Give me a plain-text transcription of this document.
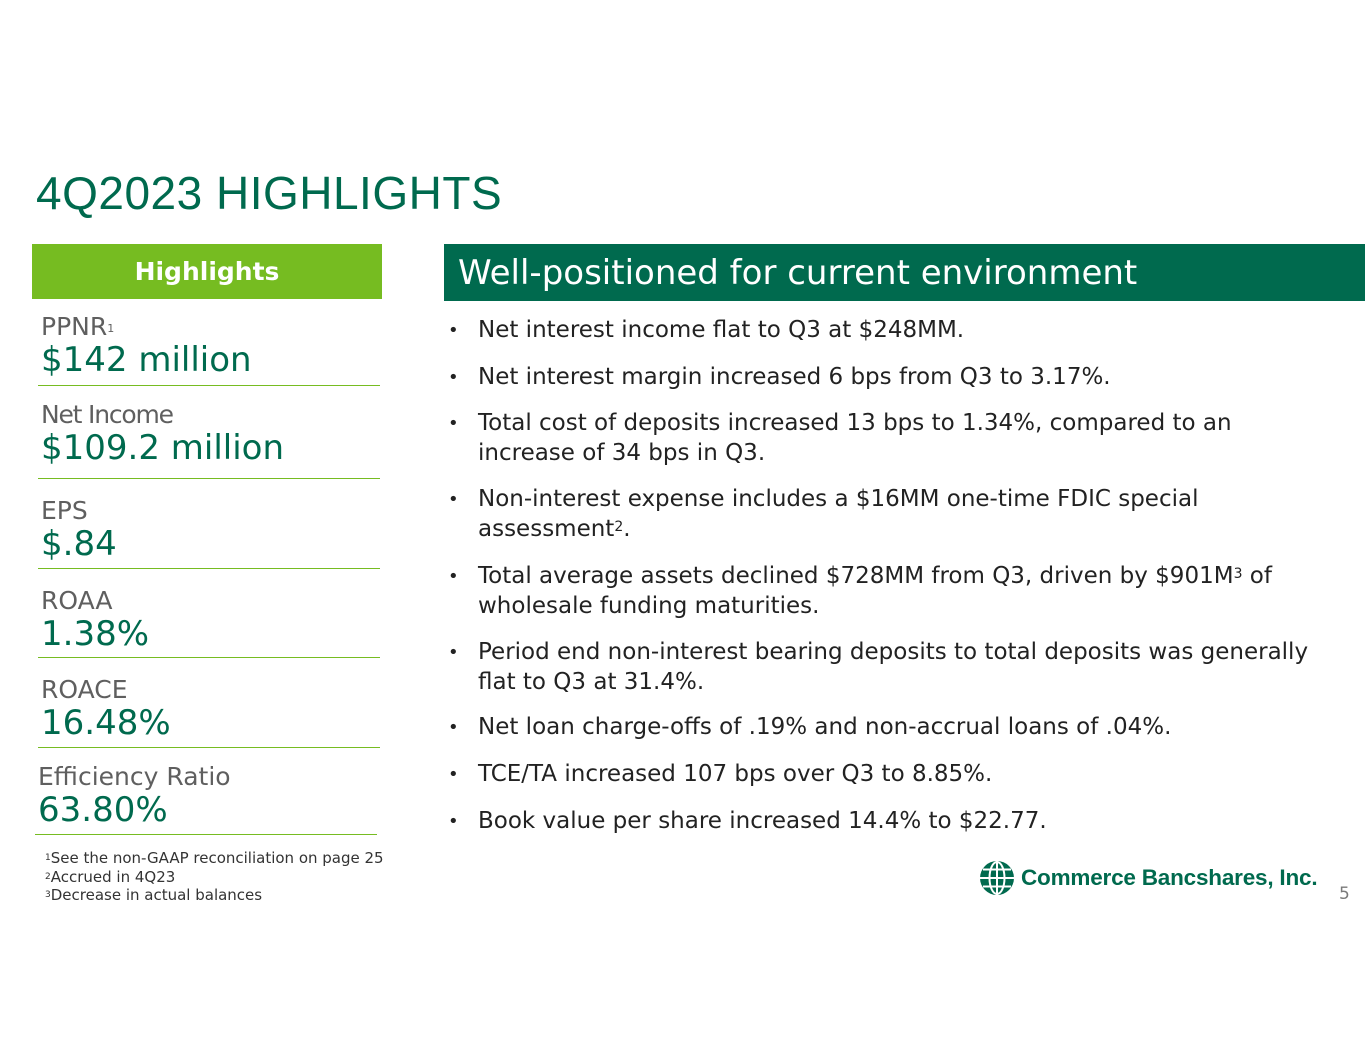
4Q2023 HIGHLIGHTS
Highlights	Well-positioned for current environment
PPNR$^1$
$142 million
Net Income
$109.2 million
EPS
$.84
ROAA
1.38%
ROACE
16.48%
Efficiency Ratio
63.80%
• Net interest income flat to Q3 at $248MM.
• Net interest margin increased 6 bps from Q3 to 3.17%.
• Total cost of deposits increased 13 bps to 1.34%, compared to an increase of 34 bps in Q3.
• Non-interest expense includes a $16MM one-time FDIC special assessment$^2$.
• Total average assets declined $728MM from Q3, driven by $\$901M^3$ of wholesale funding maturities.
• Period end non-interest bearing deposits to total deposits was generally flat to Q3 at 31.4%.
• Net loan charge-offs of .19% and non-accrual loans of .04%.
• TCE/TA increased 107 bps over Q3 to 8.85%.
• Book value per share increased 14.4% to $22.77.
$^1$See the non-GAAP reconciliation on page 25
$^2$Accrued in 4Q23
$^3$Decrease in actual balances
Commerce Bancshares, Inc.
5
